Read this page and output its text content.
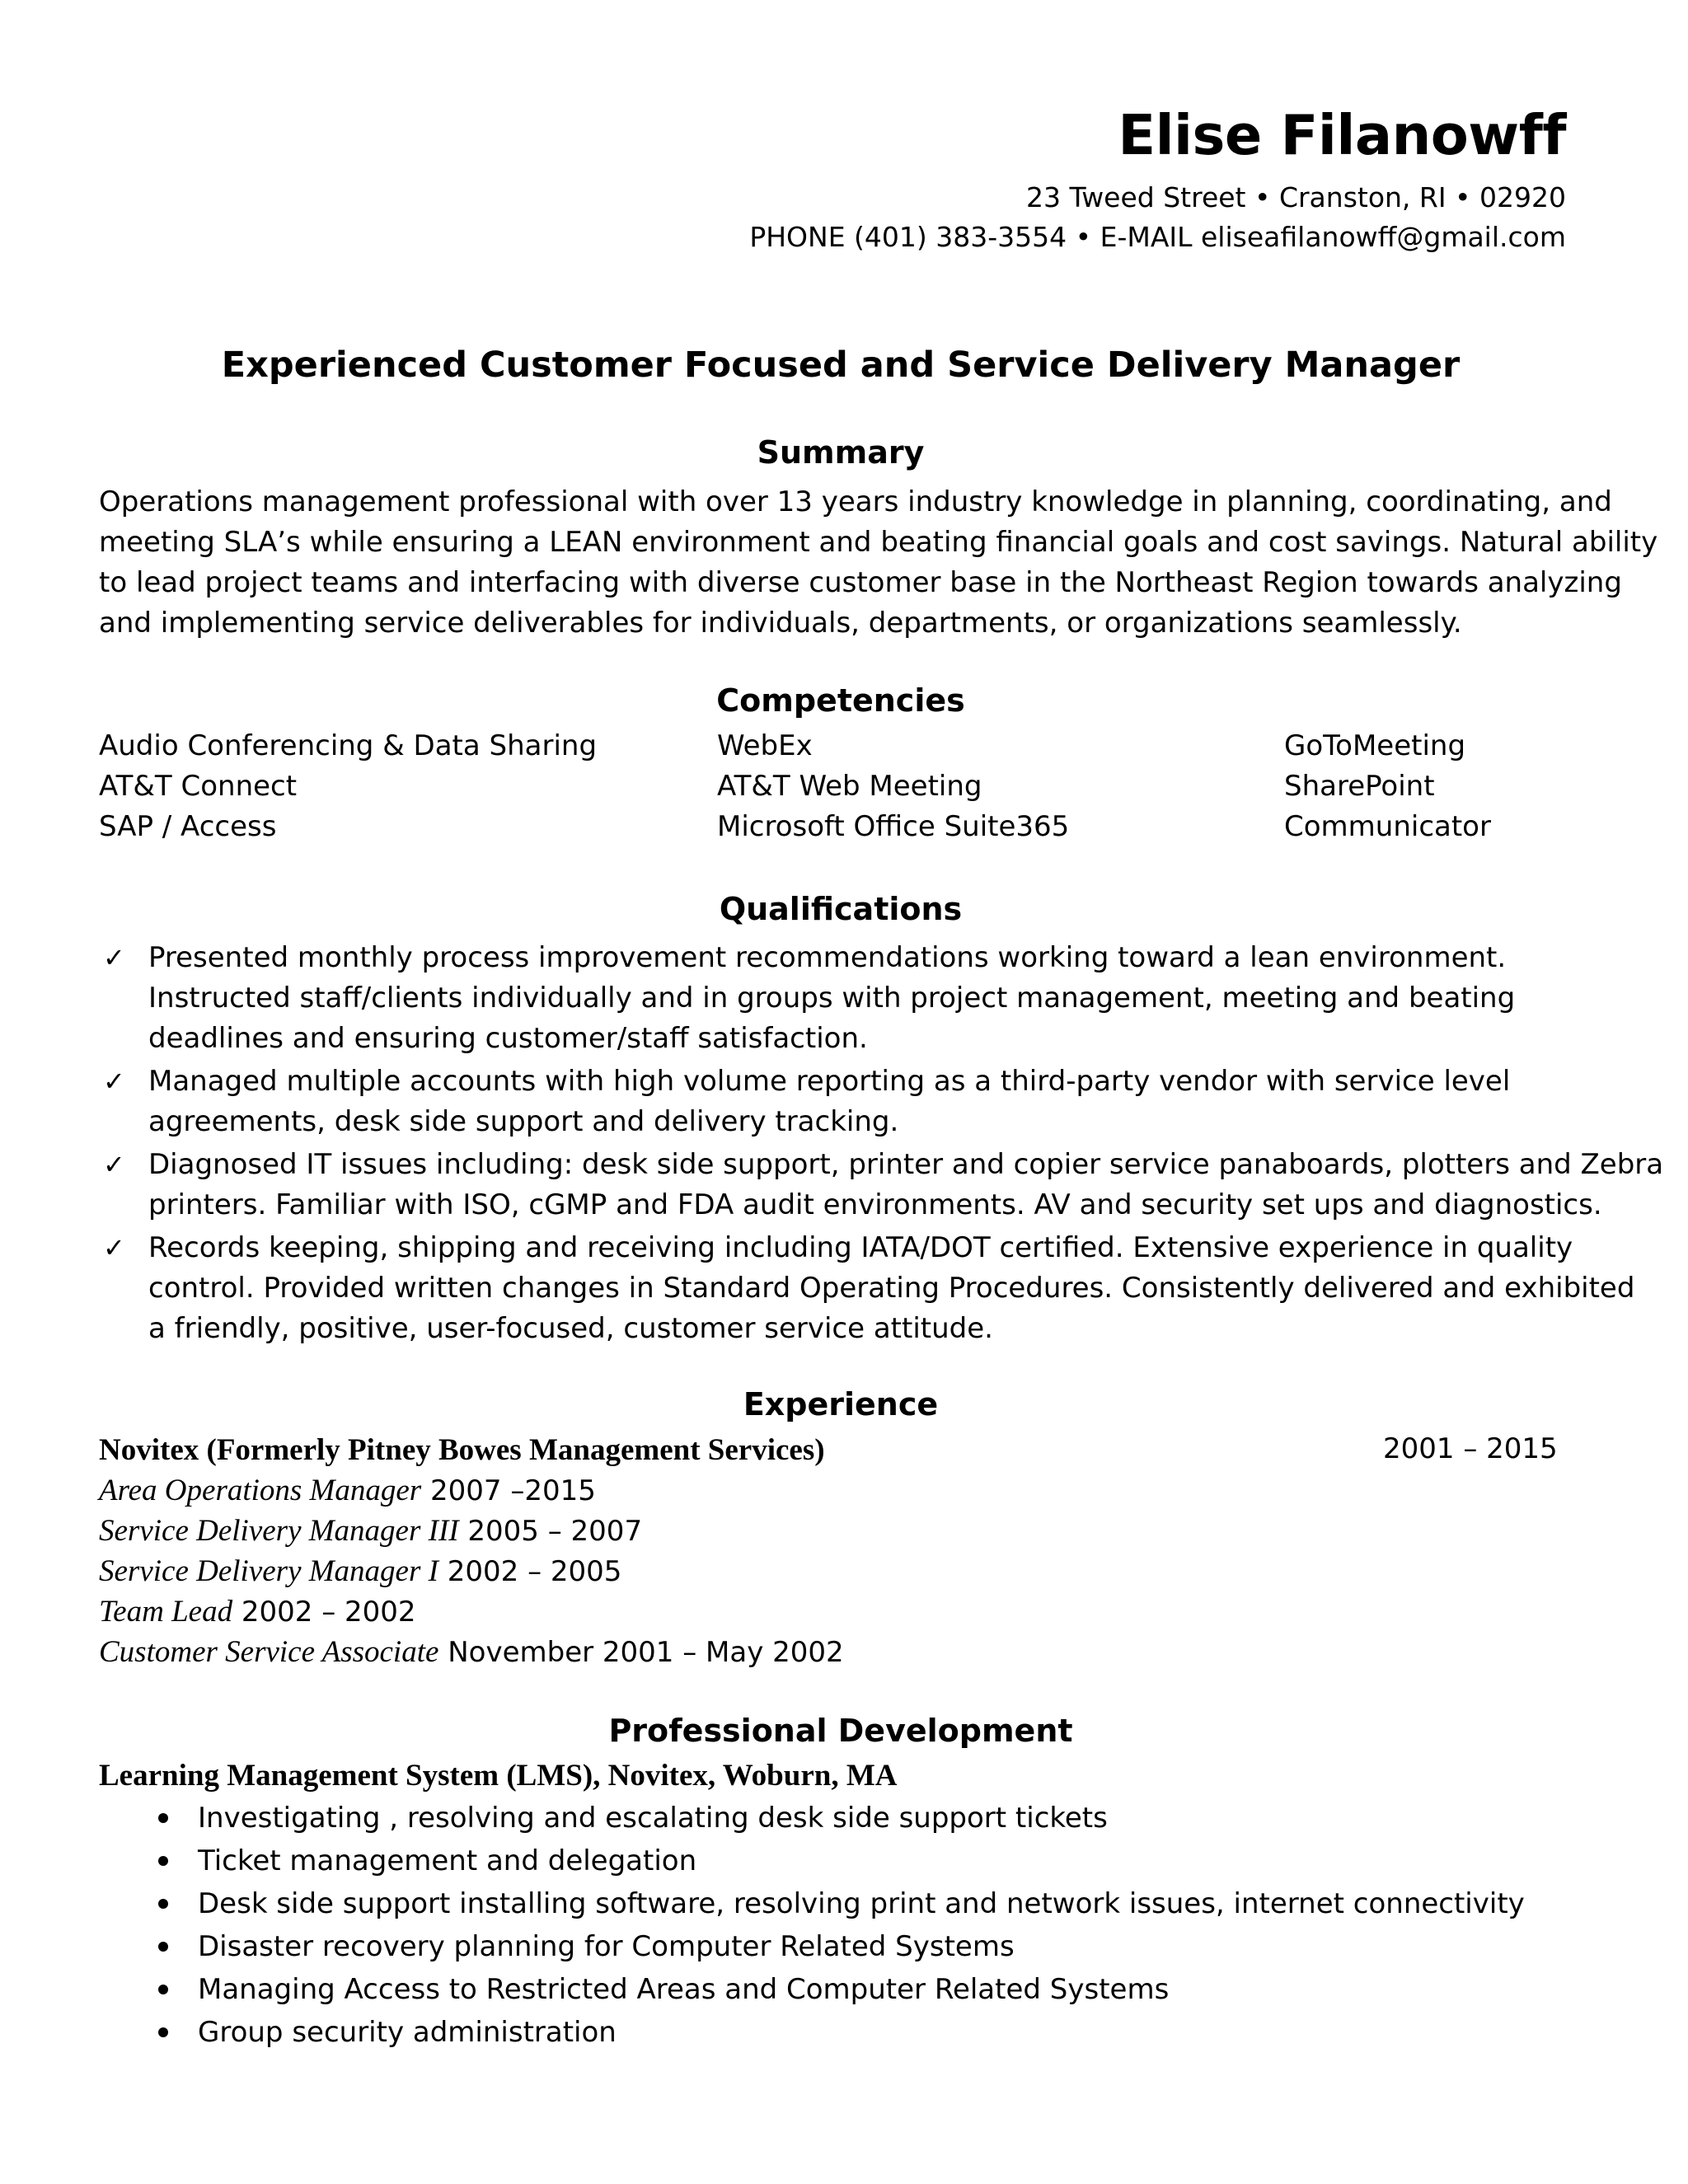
Elise Filanowff
23 Tweed Street • Cranston, RI • 02920
PHONE (401) 383-3554 • E-MAIL eliseafilanowff@gmail.com
Experienced Customer Focused and Service Delivery Manager
Summary
Operations management professional with over 13 years industry knowledge in planning, coordinating, and
meeting SLA’s while ensuring a LEAN environment and beating financial goals and cost savings. Natural ability
to lead project teams and interfacing with diverse customer base in the Northeast Region towards analyzing
and implementing service deliverables for individuals, departments, or organizations seamlessly.
Competencies
Audio Conferencing & Data Sharing	WebEx	GoToMeeting
AT&T Connect	AT&T Web Meeting	SharePoint
SAP / Access	Microsoft Office Suite365	Communicator
Qualifications
✓ Presented monthly process improvement recommendations working toward a lean environment.
Instructed staff/clients individually and in groups with project management, meeting and beating
deadlines and ensuring customer/staff satisfaction.
✓ Managed multiple accounts with high volume reporting as a third-party vendor with service level
agreements, desk side support and delivery tracking.
✓ Diagnosed IT issues including: desk side support, printer and copier service panaboards, plotters and Zebra
printers. Familiar with ISO, cGMP and FDA audit environments. AV and security set ups and diagnostics.
✓ Records keeping, shipping and receiving including IATA/DOT certified. Extensive experience in quality
control. Provided written changes in Standard Operating Procedures. Consistently delivered and exhibited
a friendly, positive, user-focused, customer service attitude.
Experience
Novitex (Formerly Pitney Bowes Management Services)	2001 – 2015
Area Operations Manager 2007 –2015
Service Delivery Manager III 2005 – 2007
Service Delivery Manager I 2002 – 2005
Team Lead 2002 – 2002
Customer Service Associate November 2001 – May 2002
Professional Development
Learning Management System (LMS), Novitex, Woburn, MA
Investigating , resolving and escalating desk side support tickets
Ticket management and delegation
Desk side support installing software, resolving print and network issues, internet connectivity
Disaster recovery planning for Computer Related Systems
Managing Access to Restricted Areas and Computer Related Systems
Group security administration
